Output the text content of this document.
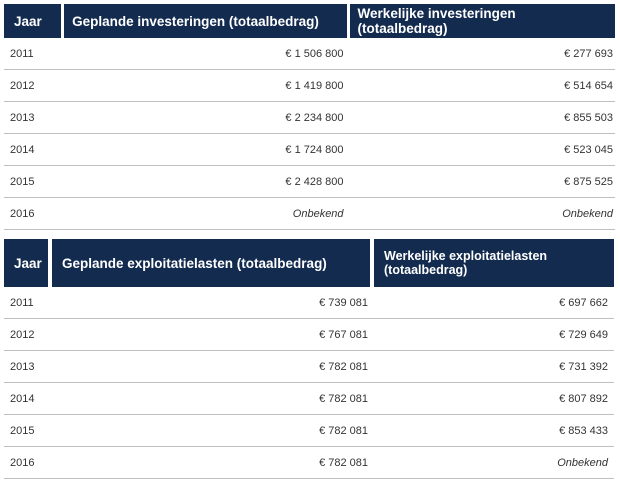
Jaar	Geplande investeringen (totaalbedrag)	Werkelijke investeringen (totaalbedrag)
2011	€ 1 506 800	€ 277 693
2012	€ 1 419 800	€ 514 654
2013	€ 2 234 800	€ 855 503
2014	€ 1 724 800	€ 523 045
2015	€ 2 428 800	€ 875 525
2016	Onbekend	Onbekend
Jaar	Geplande exploitatielasten (totaalbedrag)	Werkelijke exploitatielasten (totaalbedrag)
2011	€ 739 081	€ 697 662
2012	€ 767 081	€ 729 649
2013	€ 782 081	€ 731 392
2014	€ 782 081	€ 807 892
2015	€ 782 081	€ 853 433
2016	€ 782 081	Onbekend
